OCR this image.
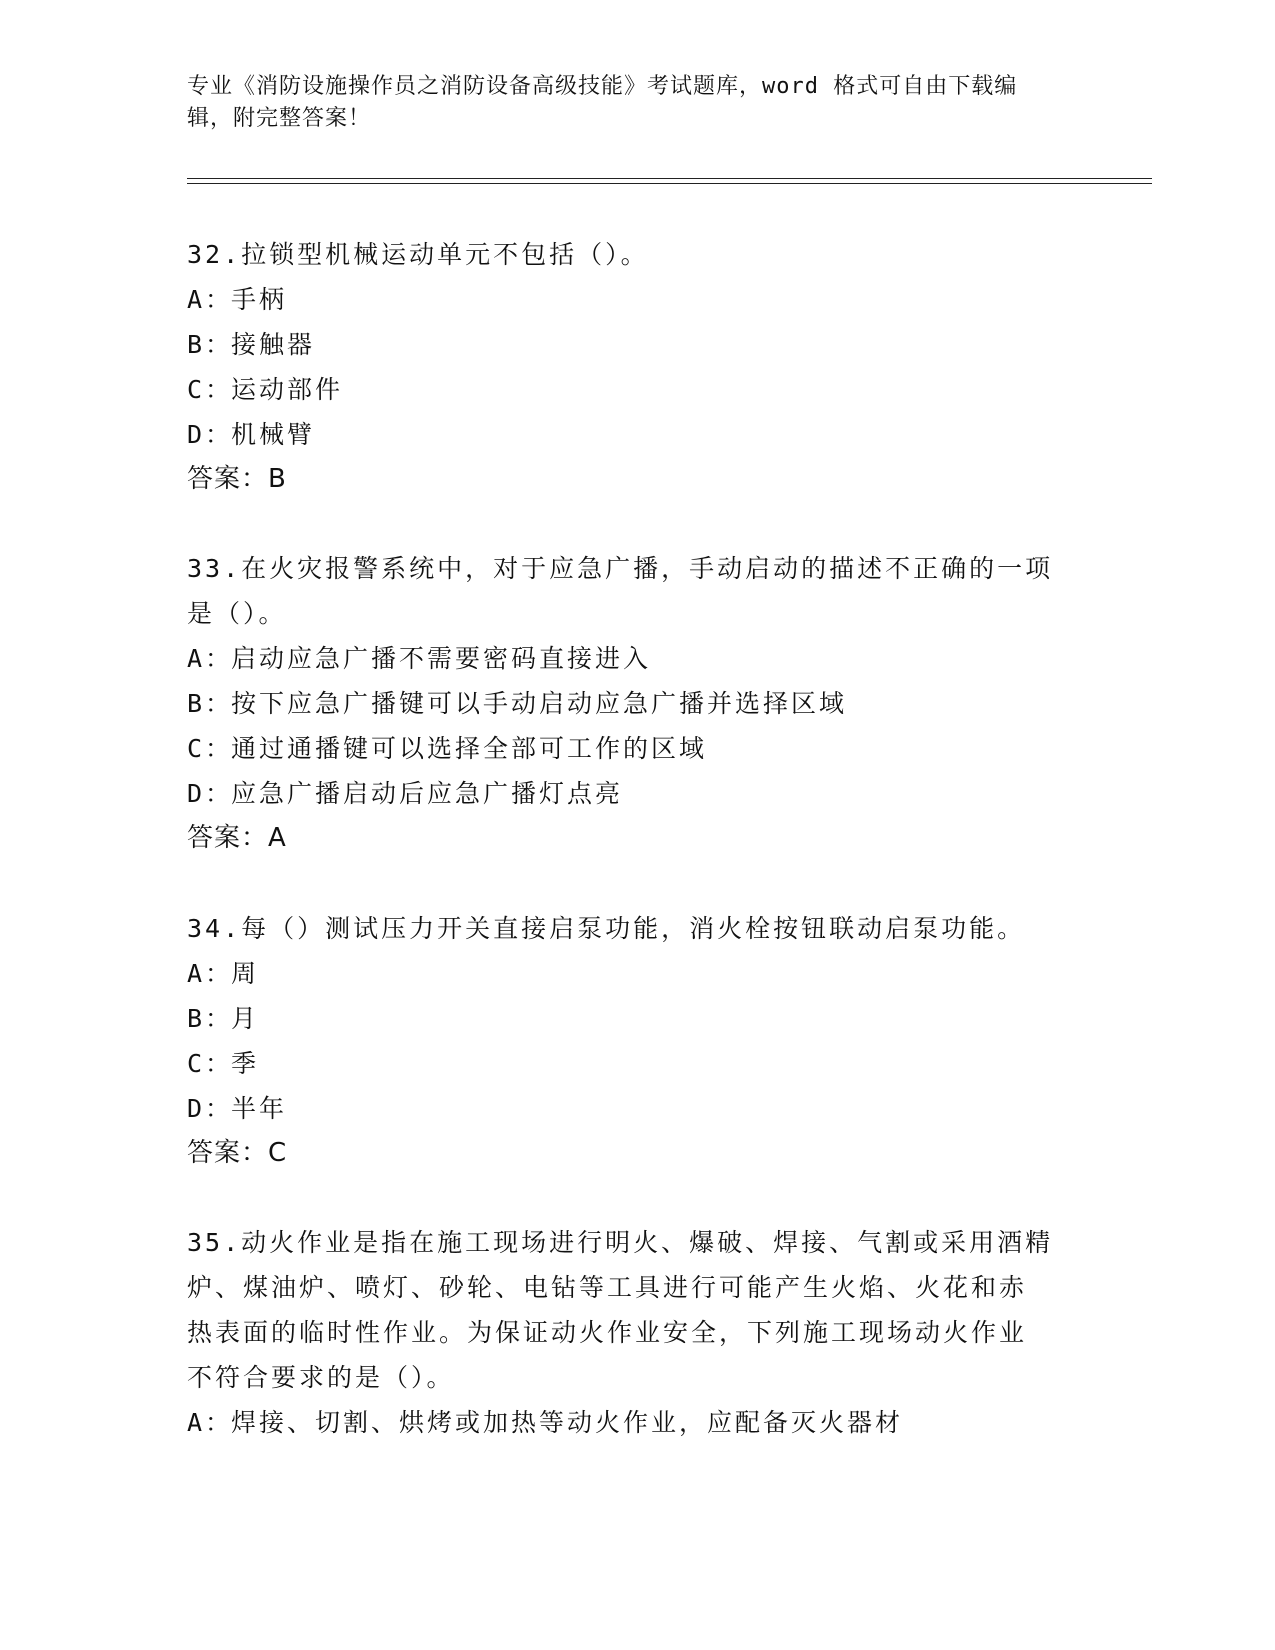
专业《消防设施操作员之消防设备高级技能》考试题库，word 格式可自由下载编
辑，附完整答案！
32.拉锁型机械运动单元不包括（）。
A：手柄
B：接触器
C：运动部件
D：机械臂
答案：B
33.在火灾报警系统中，对于应急广播，手动启动的描述不正确的一项
是（）。
A：启动应急广播不需要密码直接进入
B：按下应急广播键可以手动启动应急广播并选择区域
C：通过通播键可以选择全部可工作的区域
D：应急广播启动后应急广播灯点亮
答案：A
34.每（）测试压力开关直接启泵功能，消火栓按钮联动启泵功能。
A：周
B：月
C：季
D：半年
答案：C
35.动火作业是指在施工现场进行明火、爆破、焊接、气割或采用酒精
炉、煤油炉、喷灯、砂轮、电钻等工具进行可能产生火焰、火花和赤
热表面的临时性作业。为保证动火作业安全，下列施工现场动火作业
不符合要求的是（）。
A：焊接、切割、烘烤或加热等动火作业，应配备灭火器材
